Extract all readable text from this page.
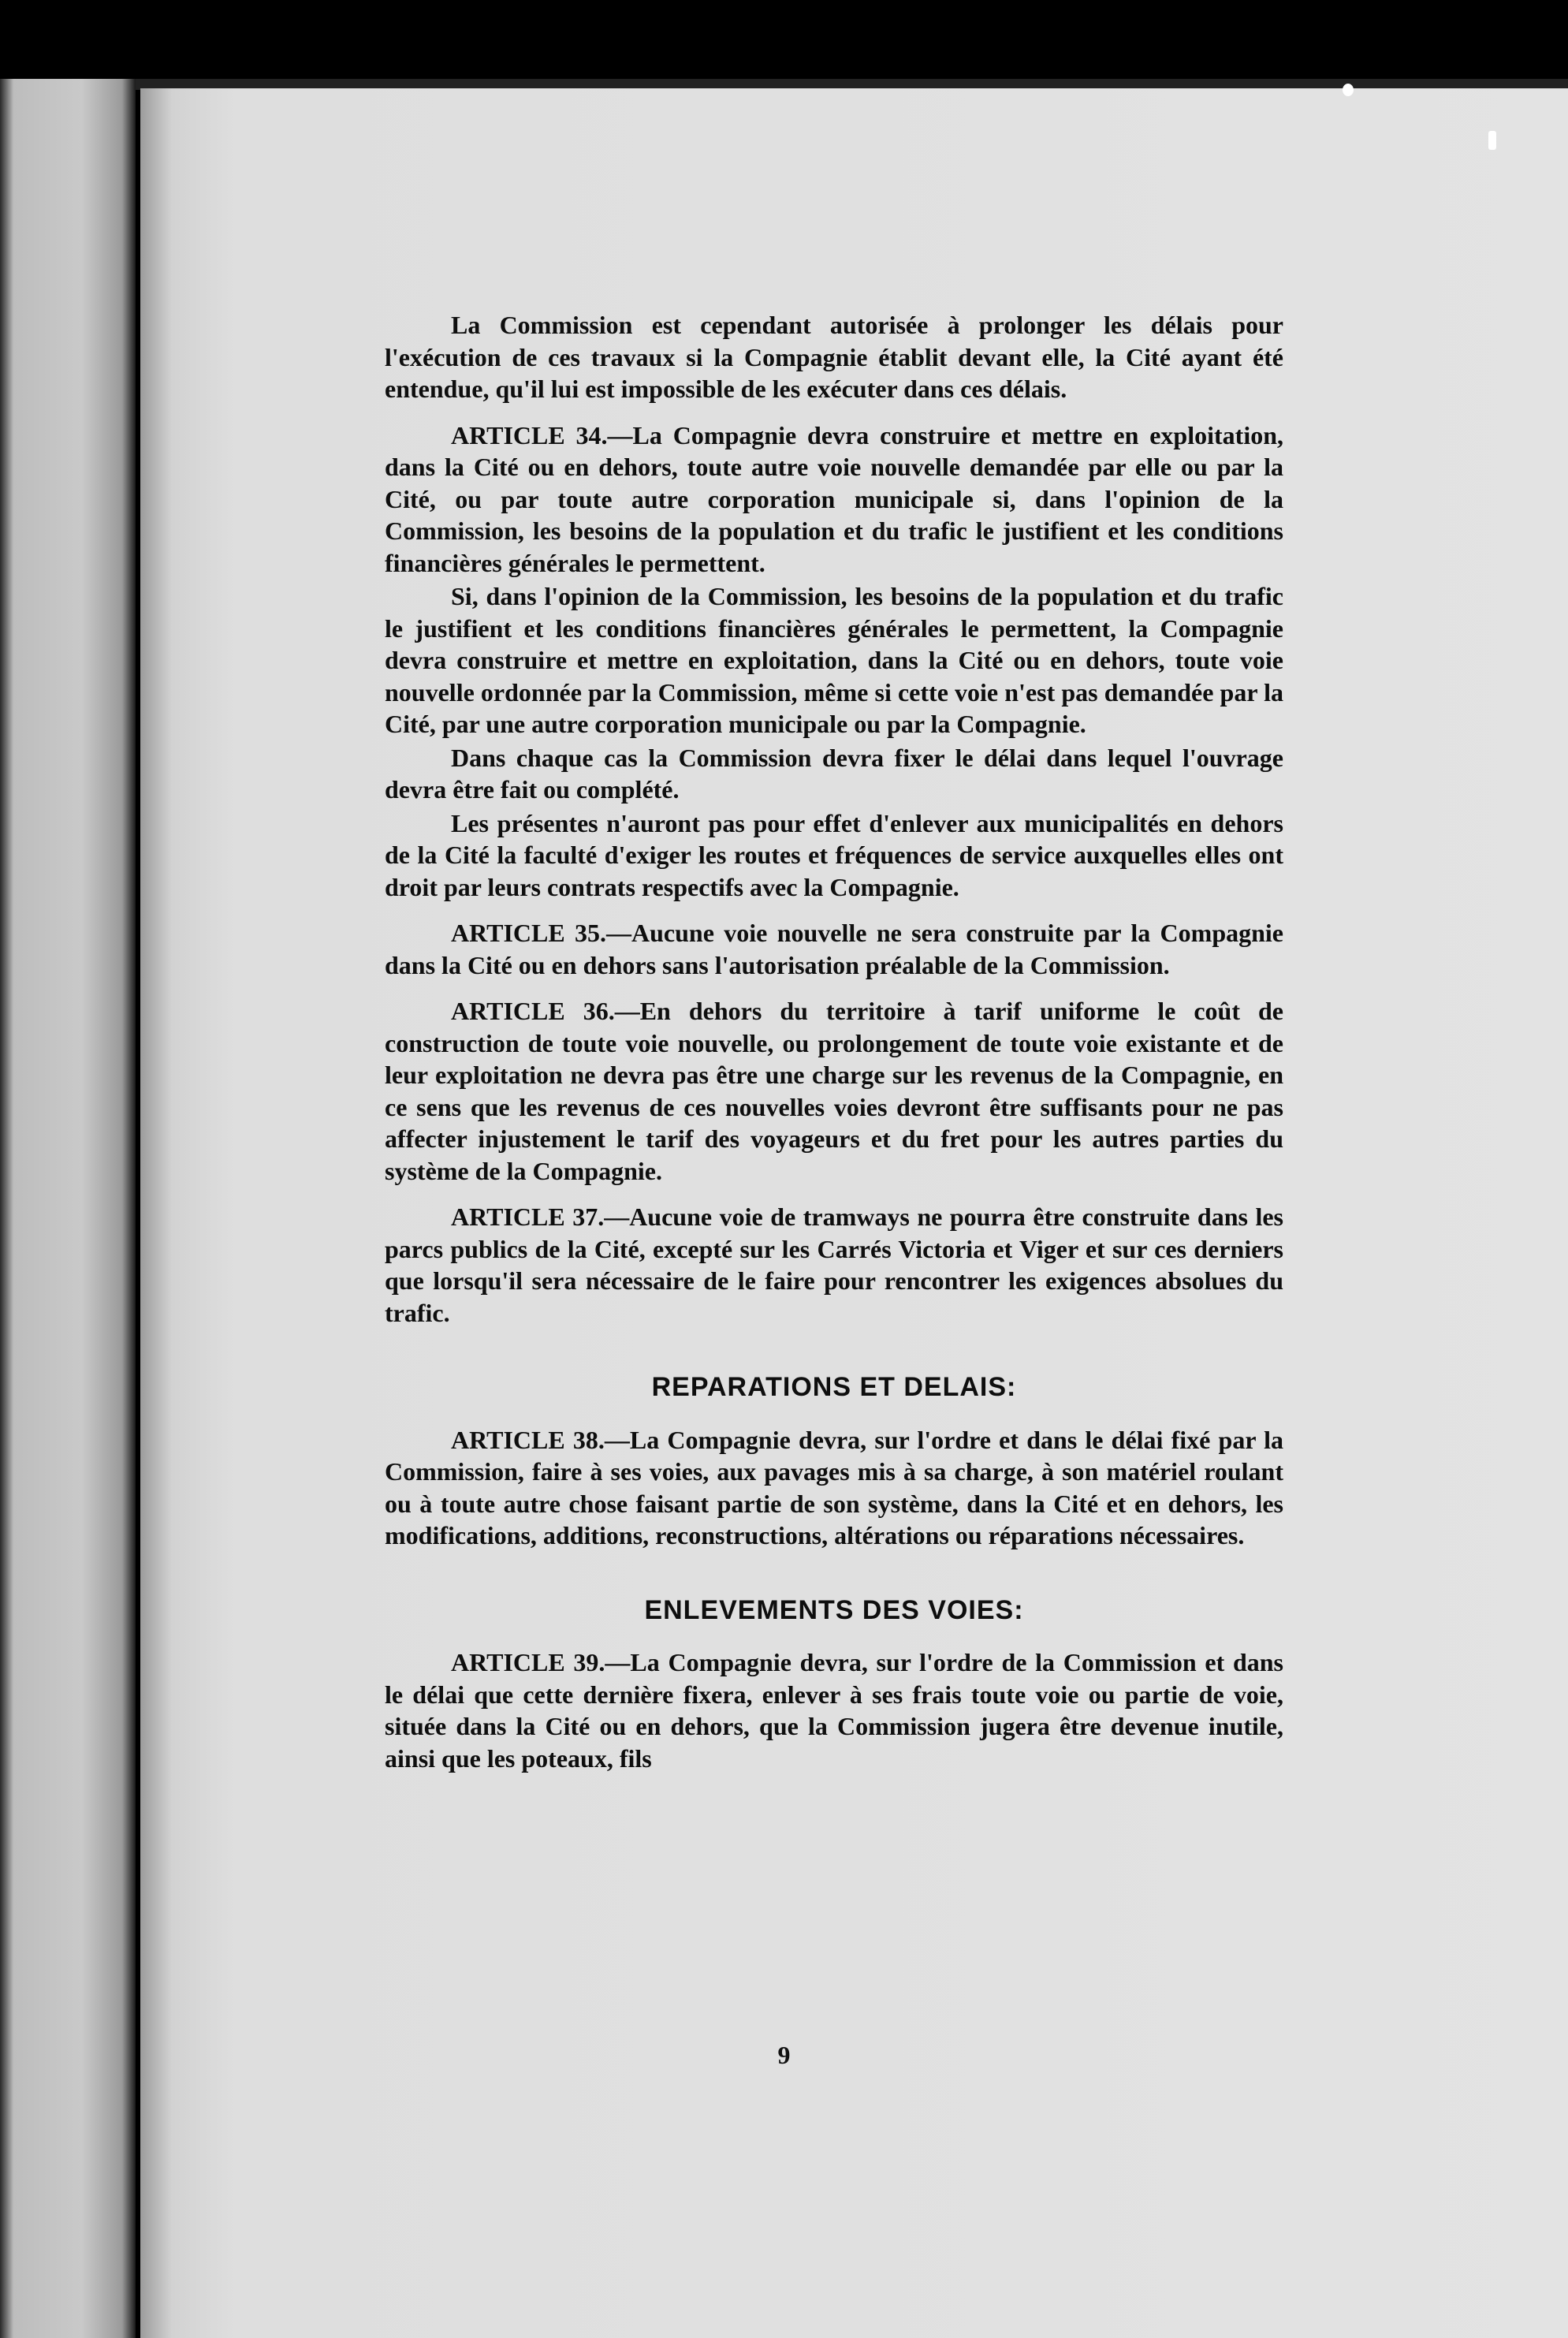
La Commission est cependant autorisée à prolonger les délais pour l'exécution de ces travaux si la Compagnie établit devant elle, la Cité ayant été entendue, qu'il lui est impossible de les exécuter dans ces délais.

ARTICLE 34.—La Compagnie devra construire et mettre en exploitation, dans la Cité ou en dehors, toute autre voie nouvelle demandée par elle ou par la Cité, ou par toute autre corporation municipale si, dans l'opinion de la Commission, les besoins de la population et du trafic le justifient et les conditions financières générales le permettent.

Si, dans l'opinion de la Commission, les besoins de la population et du trafic le justifient et les conditions financières générales le permettent, la Compagnie devra construire et mettre en exploitation, dans la Cité ou en dehors, toute voie nouvelle ordonnée par la Commission, même si cette voie n'est pas demandée par la Cité, par une autre corporation municipale ou par la Compagnie.

Dans chaque cas la Commission devra fixer le délai dans lequel l'ouvrage devra être fait ou complété.

Les présentes n'auront pas pour effet d'enlever aux municipalités en dehors de la Cité la faculté d'exiger les routes et fréquences de service auxquelles elles ont droit par leurs contrats respectifs avec la Compagnie.

ARTICLE 35.—Aucune voie nouvelle ne sera construite par la Compagnie dans la Cité ou en dehors sans l'autorisation préalable de la Commission.

ARTICLE 36.—En dehors du territoire à tarif uniforme le coût de construction de toute voie nouvelle, ou prolongement de toute voie existante et de leur exploitation ne devra pas être une charge sur les revenus de la Compagnie, en ce sens que les revenus de ces nouvelles voies devront être suffisants pour ne pas affecter injustement le tarif des voyageurs et du fret pour les autres parties du système de la Compagnie.

ARTICLE 37.—Aucune voie de tramways ne pourra être construite dans les parcs publics de la Cité, excepté sur les Carrés Victoria et Viger et sur ces derniers que lorsqu'il sera nécessaire de le faire pour rencontrer les exigences absolues du trafic.

REPARATIONS ET DELAIS:

ARTICLE 38.—La Compagnie devra, sur l'ordre et dans le délai fixé par la Commission, faire à ses voies, aux pavages mis à sa charge, à son matériel roulant ou à toute autre chose faisant partie de son système, dans la Cité et en dehors, les modifications, additions, reconstructions, altérations ou réparations nécessaires.

ENLEVEMENTS DES VOIES:

ARTICLE 39.—La Compagnie devra, sur l'ordre de la Commission et dans le délai que cette dernière fixera, enlever à ses frais toute voie ou partie de voie, située dans la Cité ou en dehors, que la Commission jugera être devenue inutile, ainsi que les poteaux, fils

9
